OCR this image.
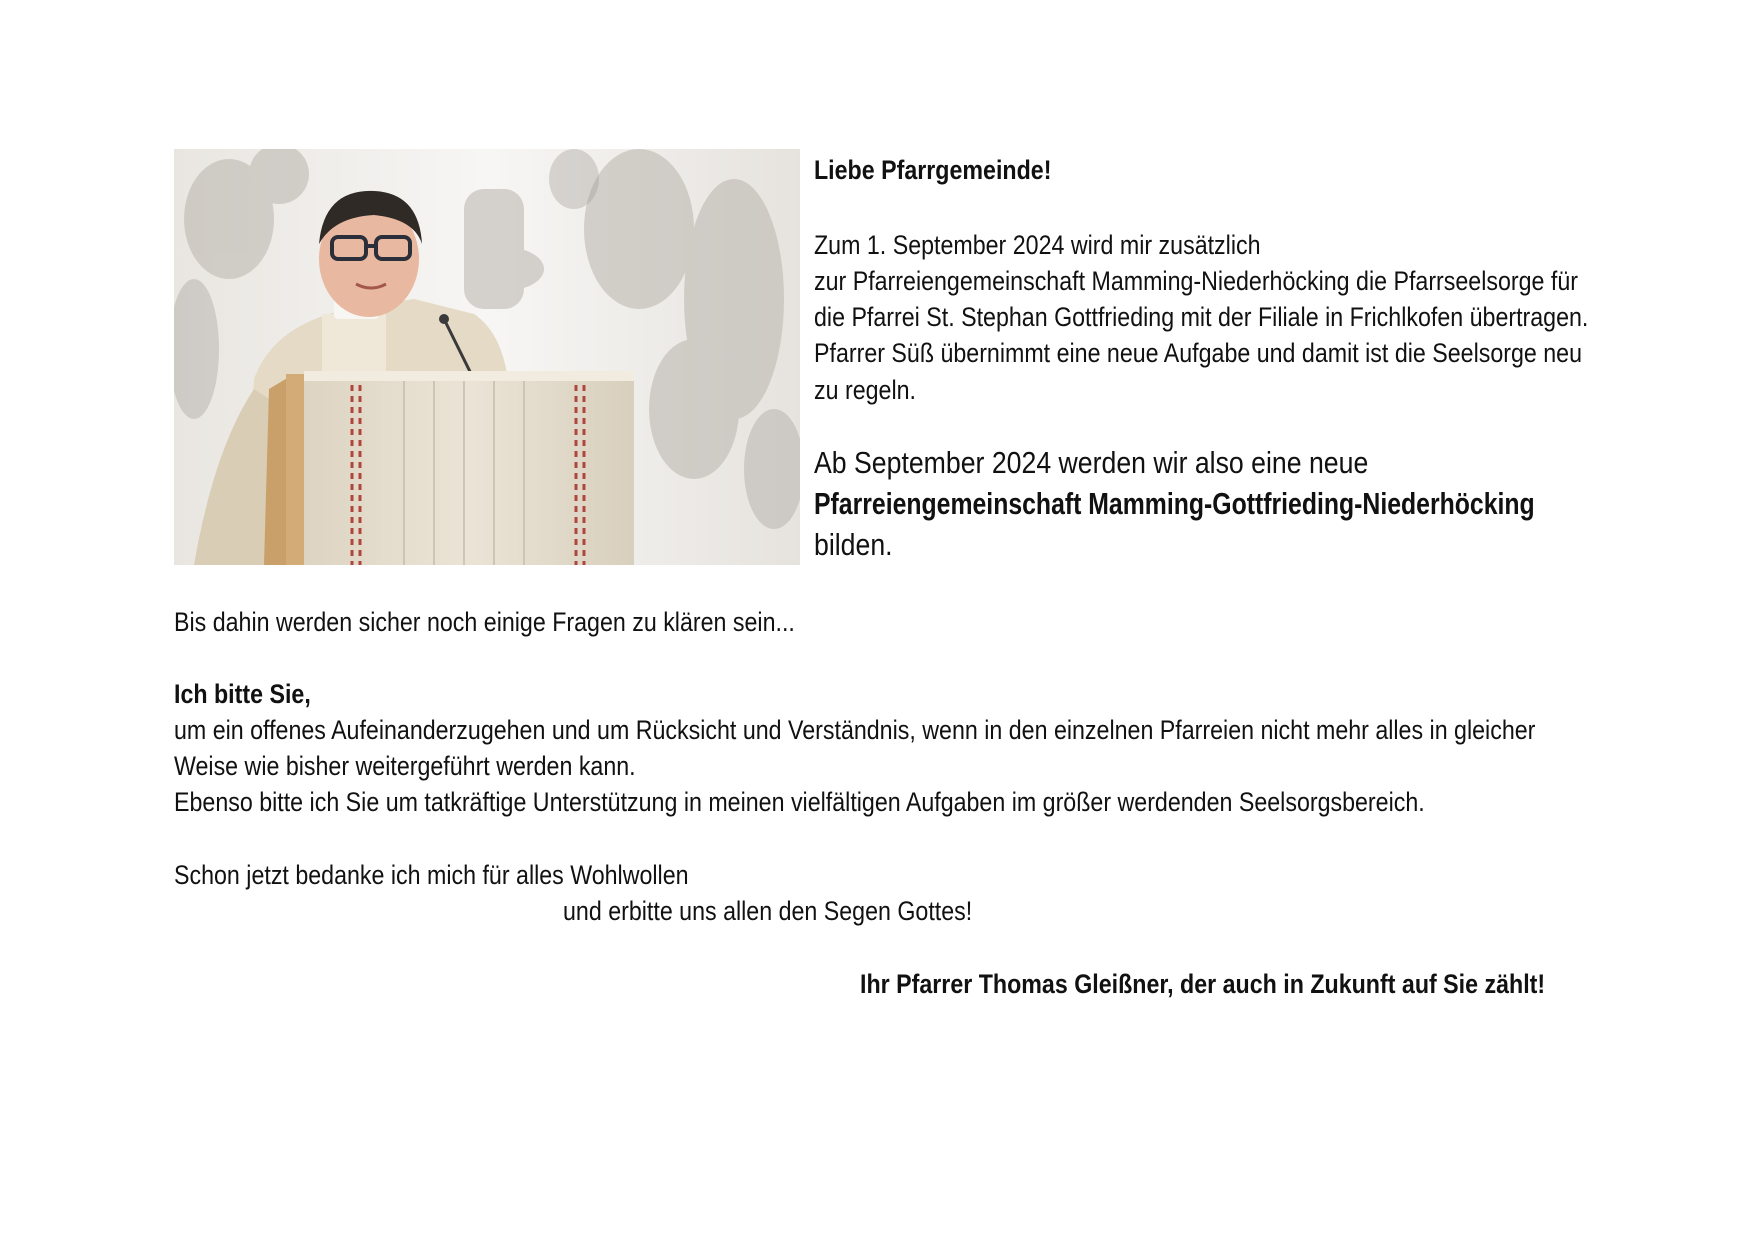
Liebe Pfarrgemeinde!
Zum 1. September 2024 wird mir zusätzlich
zur Pfarreiengemeinschaft Mamming-Niederhöcking die Pfarrseelsorge für
die Pfarrei St. Stephan Gottfrieding mit der Filiale in Frichlkofen übertragen.
Pfarrer Süß übernimmt eine neue Aufgabe und damit ist die Seelsorge neu
zu regeln.
Ab September 2024 werden wir also eine neue
Pfarreiengemeinschaft Mamming-Gottfrieding-Niederhöcking
bilden.
Bis dahin werden sicher noch einige Fragen zu klären sein...
Ich bitte Sie,
um ein offenes Aufeinanderzugehen und um Rücksicht und Verständnis, wenn in den einzelnen Pfarreien nicht mehr alles in gleicher
Weise wie bisher weitergeführt werden kann.
Ebenso bitte ich Sie um tatkräftige Unterstützung in meinen vielfältigen Aufgaben im größer werdenden Seelsorgsbereich.
Schon jetzt bedanke ich mich für alles Wohlwollen
und erbitte uns allen den Segen Gottes!
Ihr Pfarrer Thomas Gleißner, der auch in Zukunft auf Sie zählt!
